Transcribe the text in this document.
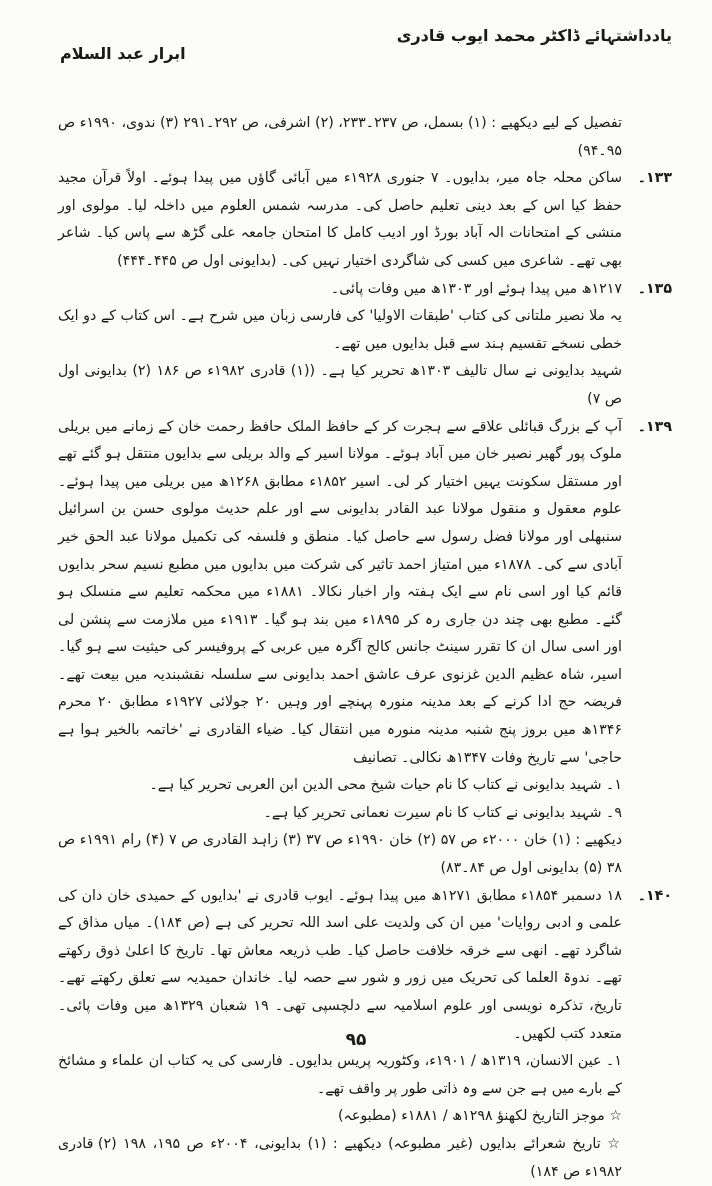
یادداشتہائے ڈاکٹر محمد ایوب قادری
ابرار عبد السلام
تفصیل کے لیے دیکھیے : (۱) بسمل، ص ۲۳۷۔۲۳۳، (۲) اشرفی، ص ۲۹۲۔۲۹۱ (۳) ندوی، ۱۹۹۰ء ص ۹۵۔۹۴)
۱۳۳۔
ساکن محلہ جاہ میر، بدایوں۔ ۷ جنوری ۱۹۲۸ء میں آبائی گاؤں میں پیدا ہوئے۔ اولاً قرآن مجید حفظ کیا اس کے بعد دینی تعلیم حاصل کی۔ مدرسہ شمس العلوم میں داخلہ لیا۔ مولوی اور منشی کے امتحانات الہ آباد بورڈ اور ادیب کامل کا امتحان جامعہ علی گڑھ سے پاس کیا۔ شاعر بھی تھے۔ شاعری میں کسی کی شاگردی اختیار نہیں کی۔ (بدایونی اول ص ۴۴۵۔۴۴۴)
۱۳۵۔
۱۲۱۷ھ میں پیدا ہوئے اور ۱۳۰۳ھ میں وفات پائی۔
یہ ملا نصیر ملتانی کی کتاب 'طبقات الاولیا' کی فارسی زبان میں شرح ہے۔ اس کتاب کے دو ایک خطی نسخے تقسیم ہند سے قبل بدایوں میں تھے۔
شہید بدایونی نے سال تالیف ۱۳۰۳ھ تحریر کیا ہے۔ ((۱) قادری ۱۹۸۲ء ص ۱۸۶ (۲) بدایونی اول ص ۷)
۱۳۹۔
آپ کے بزرگ قبائلی علاقے سے ہجرت کر کے حافظ الملک حافظ رحمت خان کے زمانے میں بریلی ملوک پور گھیر نصیر خان میں آباد ہوئے۔ مولانا اسیر کے والد بریلی سے بدایوں منتقل ہو گئے تھے اور مستقل سکونت یہیں اختیار کر لی۔ اسیر ۱۸۵۲ء مطابق ۱۲۶۸ھ میں بریلی میں پیدا ہوئے۔ علوم معقول و منقول مولانا عبد القادر بدایونی سے اور علم حدیث مولوی حسن بن اسرائیل سنبھلی اور مولانا فضل رسول سے حاصل کیا۔ منطق و فلسفہ کی تکمیل مولانا عبد الحق خیر آبادی سے کی۔ ۱۸۷۸ء میں امتیاز احمد تاثیر کی شرکت میں بدایوں میں مطبع نسیم سحر بدایوں قائم کیا اور اسی نام سے ایک ہفتہ وار اخبار نکالا۔ ۱۸۸۱ء میں محکمہ تعلیم سے منسلک ہو گئے۔ مطبع بھی چند دن جاری رہ کر ۱۸۹۵ء میں بند ہو گیا۔ ۱۹۱۳ء میں ملازمت سے پنشن لی اور اسی سال ان کا تقرر سینٹ جانس کالج آگرہ میں عربی کے پروفیسر کی حیثیت سے ہو گیا۔ اسیر، شاہ عظیم الدین غزنوی عرف عاشق احمد بدایونی سے سلسلہ نقشبندیہ میں بیعت تھے۔ فریضہ حج ادا کرنے کے بعد مدینہ منورہ پہنچے اور وہیں ۲۰ جولائی ۱۹۲۷ء مطابق ۲۰ محرم ۱۳۴۶ھ میں بروز پنج شنبہ مدینہ منورہ میں انتقال کیا۔ ضیاء القادری نے 'خاتمہ بالخیر ہوا ہے حاجی' سے تاریخ وفات ۱۳۴۷ھ نکالی۔ تصانیف
۱۔ شہید بدایونی نے کتاب کا نام حیات شیخ محی الدین ابن العربی تحریر کیا ہے۔
۹۔ شہید بدایونی نے کتاب کا نام سیرت نعمانی تحریر کیا ہے۔
دیکھیے : (۱) خان ۲۰۰۰ء ص ۵۷ (۲) خان ۱۹۹۰ء ص ۳۷ (۳) زاہد القادری ص ۷ (۴) رام ۱۹۹۱ء ص ۳۸ (۵) بدایونی اول ص ۸۴۔۸۳)
۱۴۰۔
۱۸ دسمبر ۱۸۵۴ء مطابق ۱۲۷۱ھ میں پیدا ہوئے۔ ایوب قادری نے 'بدایوں کے حمیدی خان دان کی علمی و ادبی روایات' میں ان کی ولدیت علی اسد اللہ تحریر کی ہے (ص ۱۸۴)۔ میاں مذاق کے شاگرد تھے۔ انھی سے خرقہ خلافت حاصل کیا۔ طب ذریعہ معاش تھا۔ تاریخ کا اعلیٰ ذوق رکھتے تھے۔ ندوۃ العلما کی تحریک میں زور و شور سے حصہ لیا۔ خاندان حمیدیہ سے تعلق رکھتے تھے۔ تاریخ، تذکرہ نویسی اور علوم اسلامیہ سے دلچسپی تھی۔ ۱۹ شعبان ۱۳۲۹ھ میں وفات پائی۔ متعدد کتب لکھیں۔
۱۔ عین الانسان، ۱۳۱۹ھ / ۱۹۰۱ء، وکٹوریہ پریس بدایوں۔ فارسی کی یہ کتاب ان علماء و مشائخ کے بارے میں ہے جن سے وہ ذاتی طور پر واقف تھے۔
☆ موجز التاریخ لکھنؤ ۱۲۹۸ھ / ۱۸۸۱ء (مطبوعہ)
☆ تاریخ شعرائے بدایوں (غیر مطبوعہ) دیکھیے : (۱) بدایونی، ۲۰۰۴ء ص ۱۹۵، ۱۹۸ (۲) قادری ۱۹۸۲ء ص ۱۸۴)
۹۵
